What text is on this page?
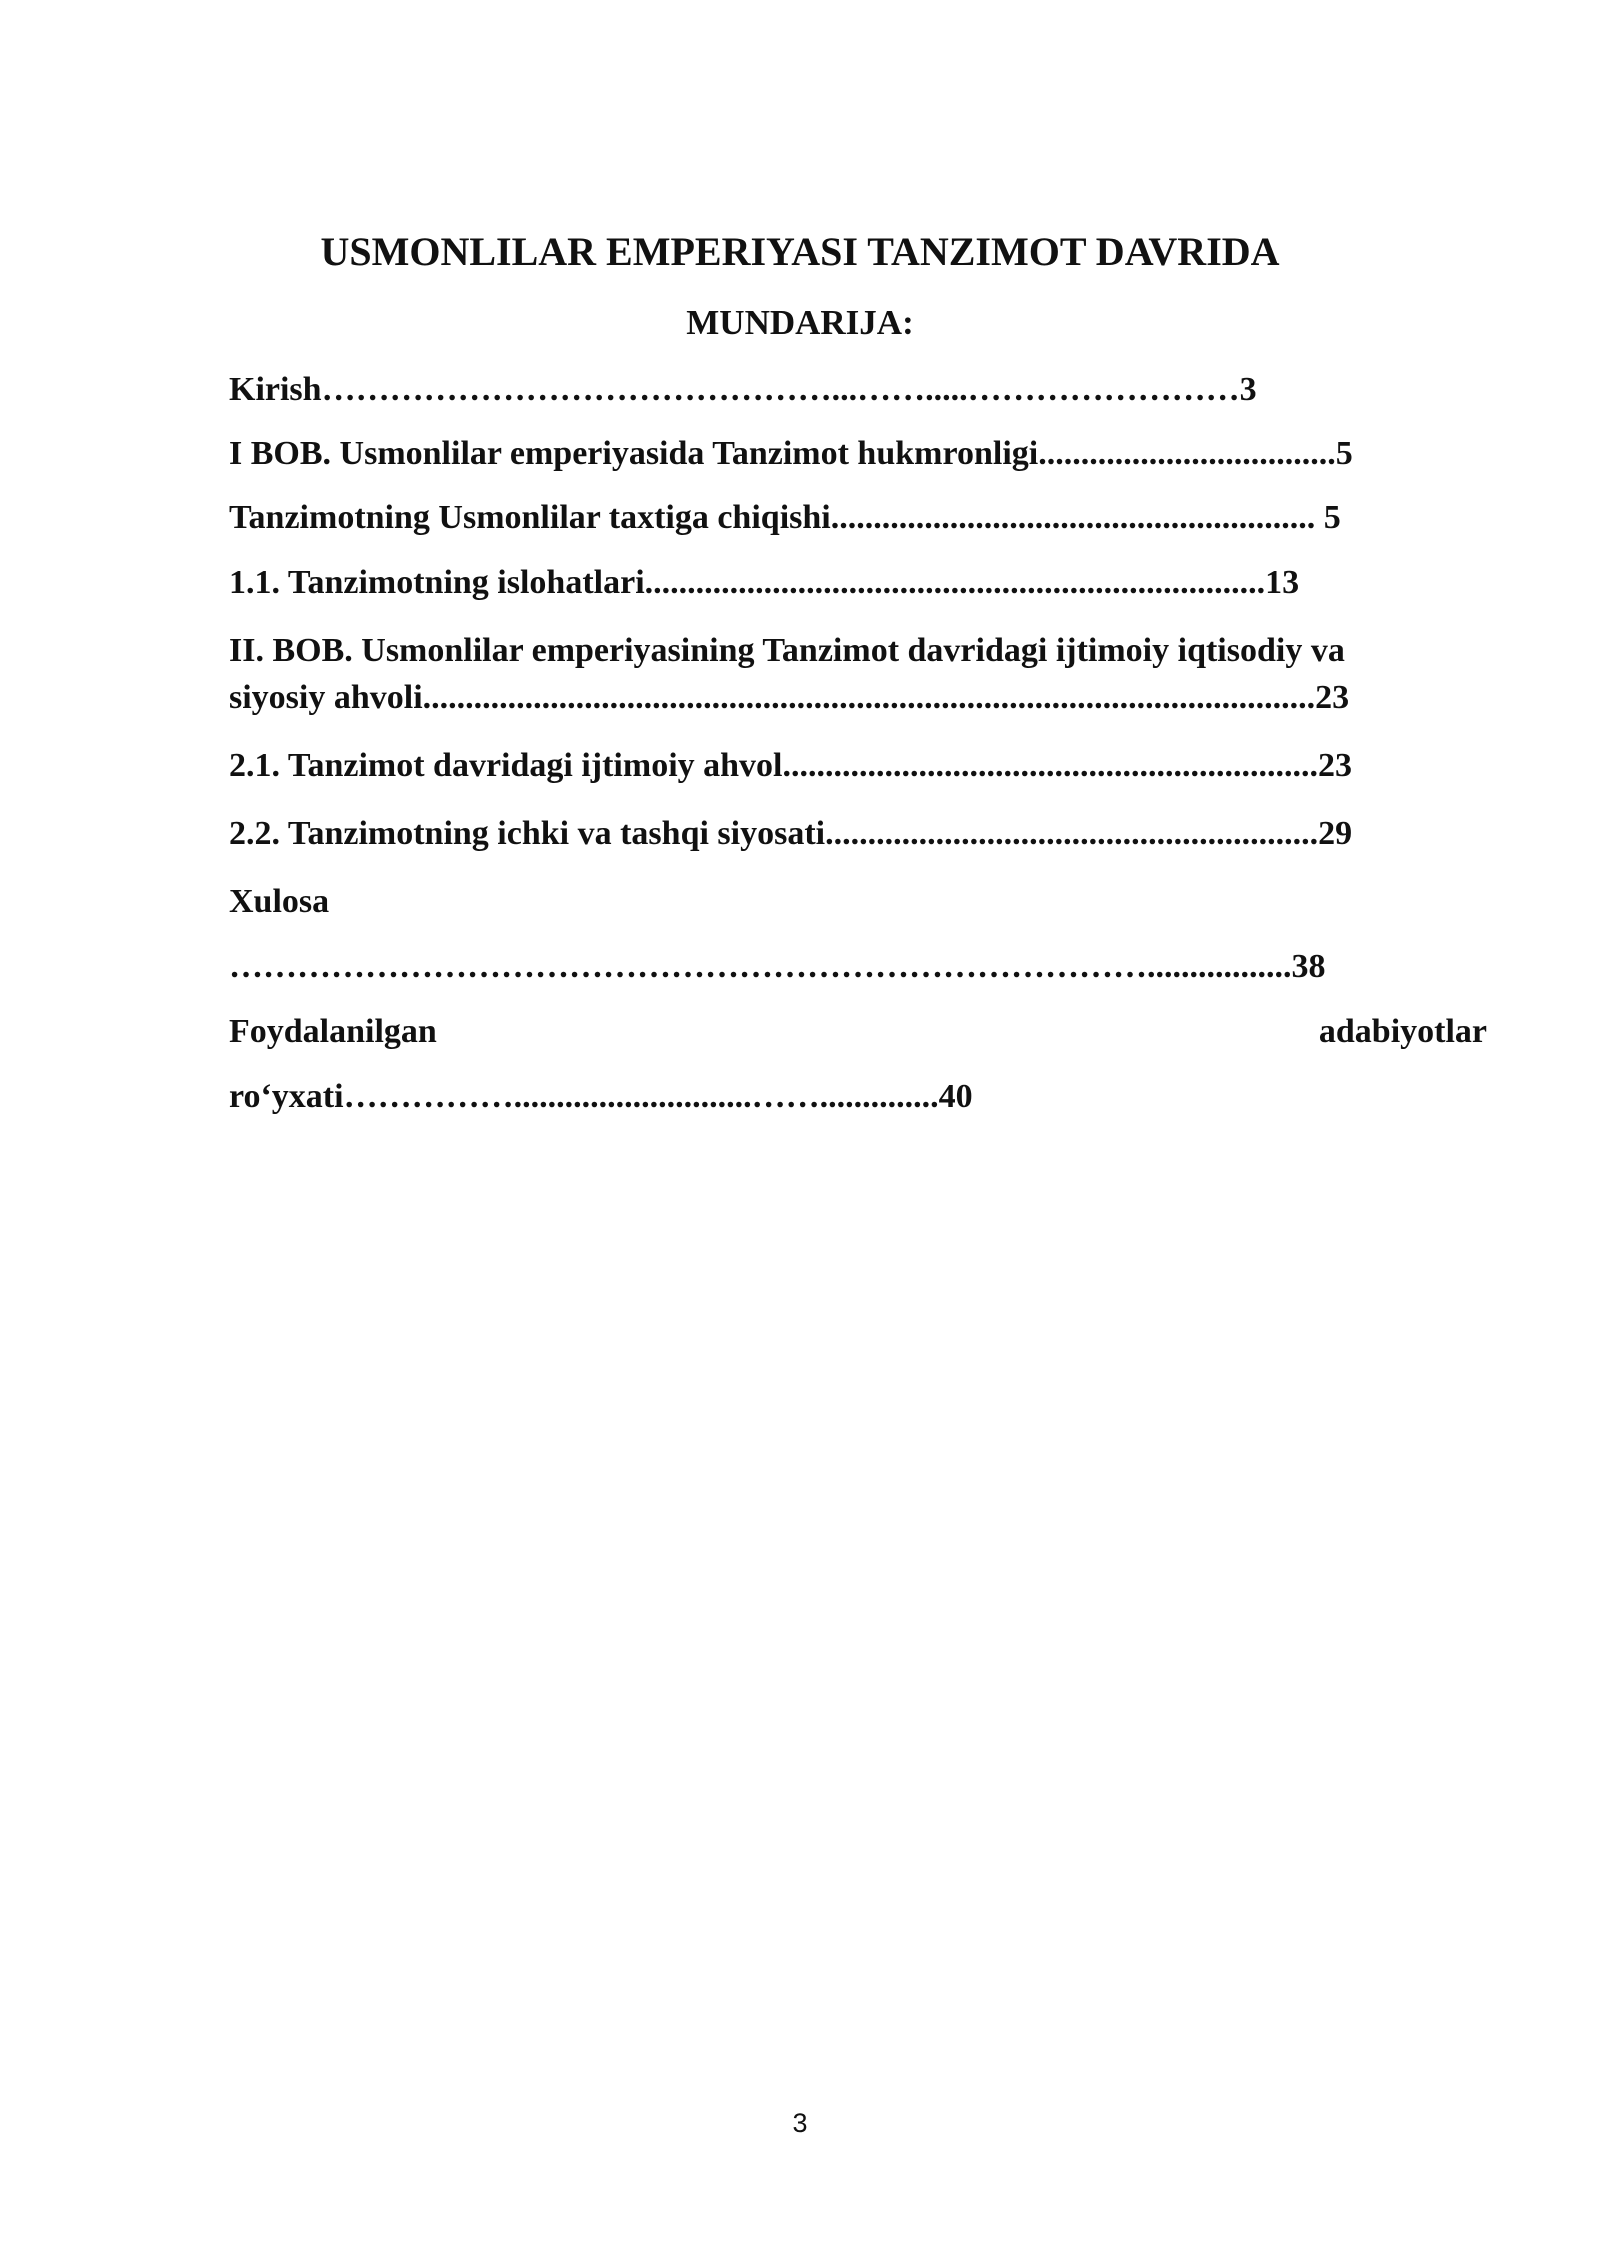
USMONLILAR EMPERIYASI TANZIMOT DAVRIDA
MUNDARIJA:

Kirish………………………………………...…….....……………………3

I BOB. Usmonlilar emperiyasida Tanzimot hukmronligi...................................5

Tanzimotning Usmonlilar taxtiga chiqishi......................................................... 5

1.1. Tanzimotning islohatlari.........................................................................13

II. BOB. Usmonlilar emperiyasining Tanzimot davridagi ijtimoiy iqtisodiy va

siyosiy ahvoli.........................................................................................................23

2.1. Tanzimot davridagi ijtimoiy ahvol...............................................................23

2.2. Tanzimotning ichki va tashqi siyosati..........................................................29

Xulosa

……………………………………………………………………….................38

Foydalanilgan	adabiyotlar

ro‘yxati……………............................……..............40

3
